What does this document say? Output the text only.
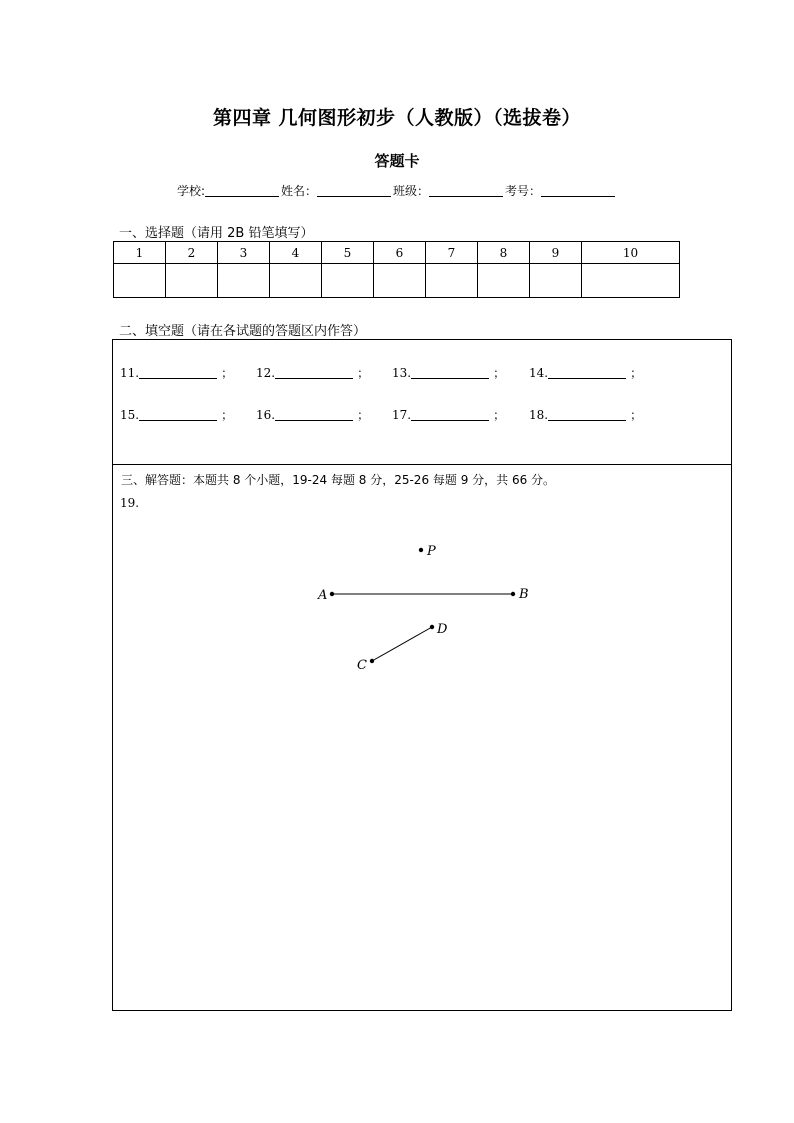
第四章 几何图形初步（人教版）（选拔卷）
答题卡
学校:	姓名：	班级：	考号：
一、选择题（请用 2B 铅笔填写）
1	2	3	4	5	6	7	8	9	10

二、填空题（请在各试题的答题区内作答）
11.	； 12.	； 13.	； 14.	；
15.	； 16.	； 17.	； 18.	；
三、解答题：本题共 8 个小题，19-24 每题 8 分，25-26 每题 9 分，共 66 分。
19.
P
A	B
C
D
